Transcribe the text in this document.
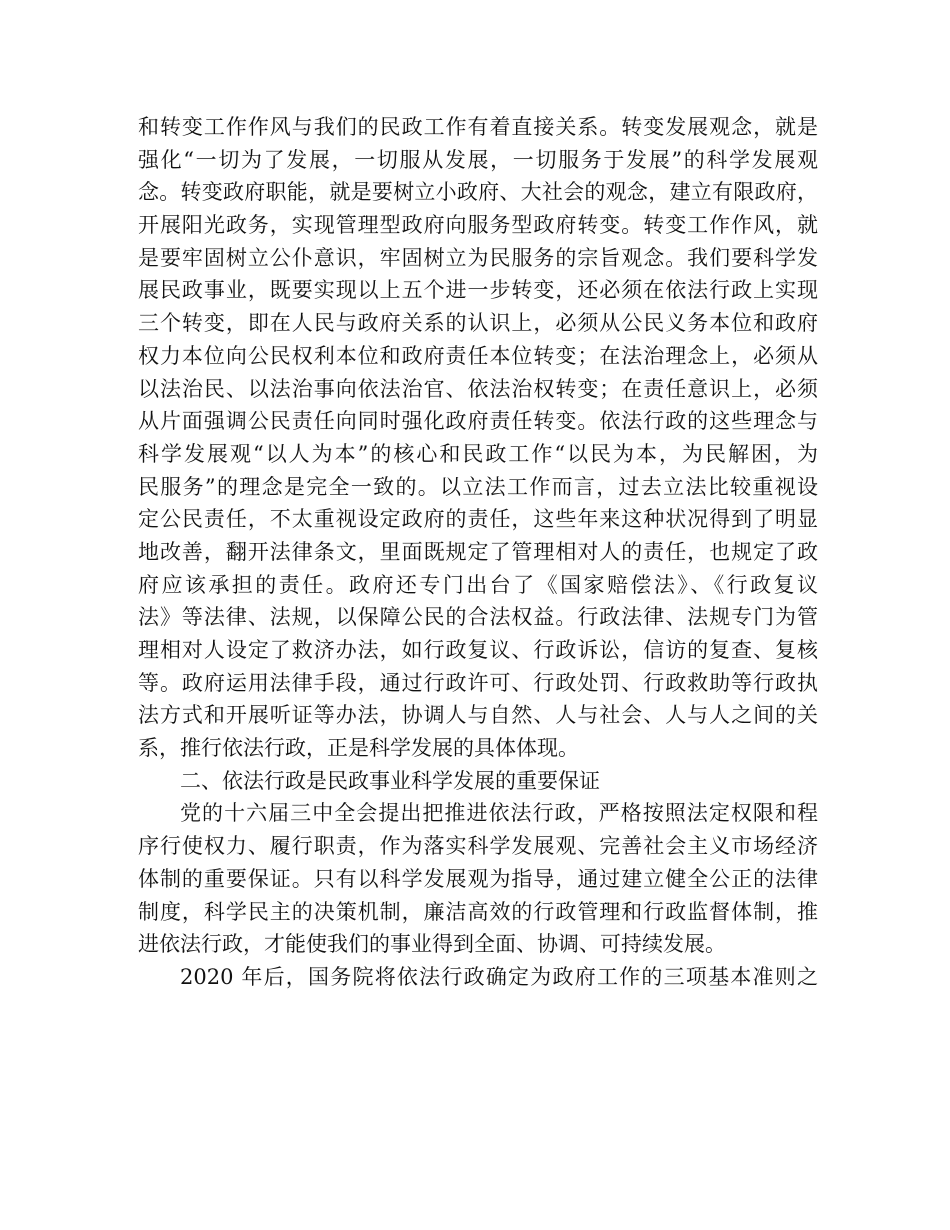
和转变工作作风与我们的民政工作有着直接关系。转变发展观念，就是
强化“一切为了发展，一切服从发展，一切服务于发展”的科学发展观
念。转变政府职能，就是要树立小政府、大社会的观念，建立有限政府，
开展阳光政务，实现管理型政府向服务型政府转变。转变工作作风，就
是要牢固树立公仆意识，牢固树立为民服务的宗旨观念。我们要科学发
展民政事业，既要实现以上五个进一步转变，还必须在依法行政上实现
三个转变，即在人民与政府关系的认识上，必须从公民义务本位和政府
权力本位向公民权利本位和政府责任本位转变；在法治理念上，必须从
以法治民、以法治事向依法治官、依法治权转变；在责任意识上，必须
从片面强调公民责任向同时强化政府责任转变。依法行政的这些理念与
科学发展观“以人为本”的核心和民政工作“以民为本，为民解困，为
民服务”的理念是完全一致的。以立法工作而言，过去立法比较重视设
定公民责任，不太重视设定政府的责任，这些年来这种状况得到了明显
地改善，翻开法律条文，里面既规定了管理相对人的责任，也规定了政
府应该承担的责任。政府还专门出台了《国家赔偿法》、《行政复议
法》等法律、法规，以保障公民的合法权益。行政法律、法规专门为管
理相对人设定了救济办法，如行政复议、行政诉讼，信访的复查、复核
等。政府运用法律手段，通过行政许可、行政处罚、行政救助等行政执
法方式和开展听证等办法，协调人与自然、人与社会、人与人之间的关
系，推行依法行政，正是科学发展的具体体现。
二、依法行政是民政事业科学发展的重要保证
党的十六届三中全会提出把推进依法行政，严格按照法定权限和程
序行使权力、履行职责，作为落实科学发展观、完善社会主义市场经济
体制的重要保证。只有以科学发展观为指导，通过建立健全公正的法律
制度，科学民主的决策机制，廉洁高效的行政管理和行政监督体制，推
进依法行政，才能使我们的事业得到全面、协调、可持续发展。
2020 年后，国务院将依法行政确定为政府工作的三项基本准则之
